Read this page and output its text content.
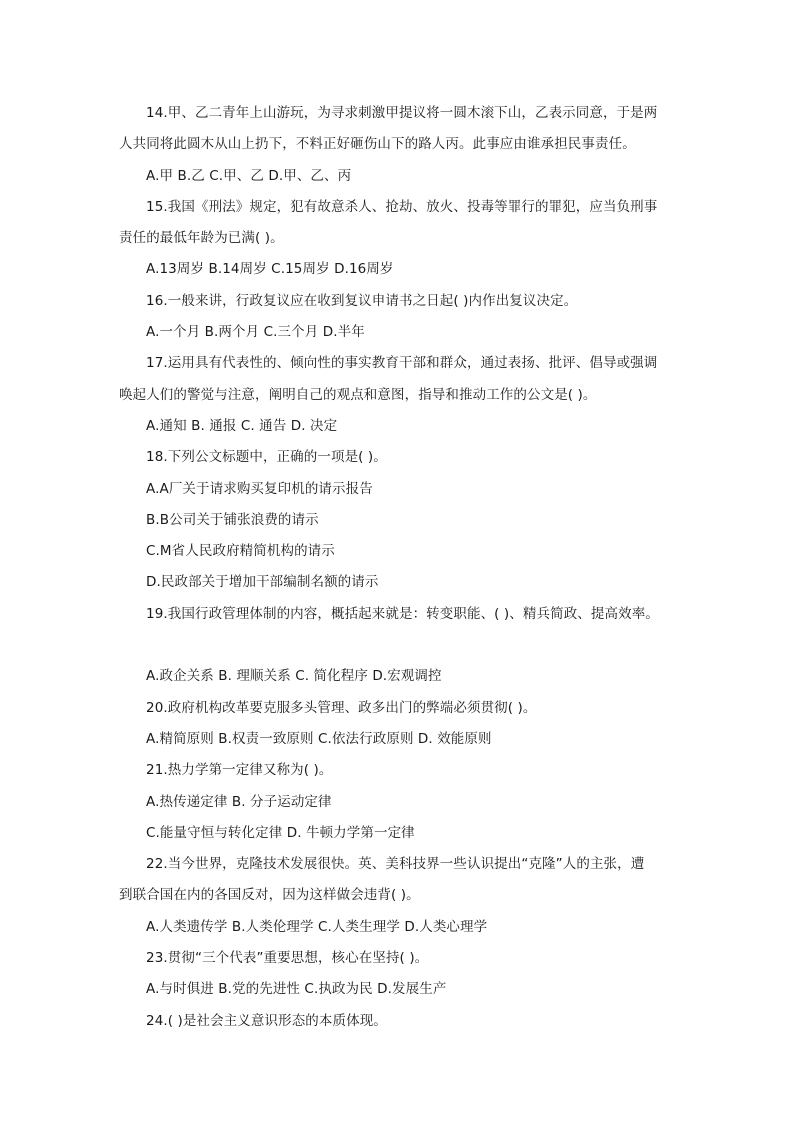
14.甲、乙二青年上山游玩，为寻求刺激甲提议将一圆木滚下山，乙表示同意，于是两
人共同将此圆木从山上扔下，不料正好砸伤山下的路人丙。此事应由谁承担民事责任。
A.甲 B.乙 C.甲、乙 D.甲、乙、丙
15.我国《刑法》规定，犯有故意杀人、抢劫、放火、投毒等罪行的罪犯，应当负刑事
责任的最低年龄为已满( )。
A.13周岁 B.14周岁 C.15周岁 D.16周岁
16.一般来讲，行政复议应在收到复议申请书之日起( )内作出复议决定。
A.一个月 B.两个月 C.三个月 D.半年
17.运用具有代表性的、倾向性的事实教育干部和群众，通过表扬、批评、倡导或强调
唤起人们的警觉与注意，阐明自己的观点和意图，指导和推动工作的公文是( )。
A.通知 B. 通报 C. 通告 D. 决定
18.下列公文标题中，正确的一项是( )。
A.A厂关于请求购买复印机的请示报告
B.B公司关于铺张浪费的请示
C.M省人民政府精简机构的请示
D.民政部关于增加干部编制名额的请示
19.我国行政管理体制的内容，概括起来就是：转变职能、( )、精兵简政、提高效率。
A.政企关系 B. 理顺关系 C. 简化程序 D.宏观调控
20.政府机构改革要克服多头管理、政多出门的弊端必须贯彻( )。
A.精简原则 B.权责一致原则 C.依法行政原则 D. 效能原则
21.热力学第一定律又称为( )。
A.热传递定律 B. 分子运动定律
C.能量守恒与转化定律 D. 牛顿力学第一定律
22.当今世界，克隆技术发展很快。英、美科技界一些认识提出“克隆”人的主张，遭
到联合国在内的各国反对，因为这样做会违背( )。
A.人类遗传学 B.人类伦理学 C.人类生理学 D.人类心理学
23.贯彻“三个代表”重要思想，核心在坚持( )。
A.与时俱进 B.党的先进性 C.执政为民 D.发展生产
24.( )是社会主义意识形态的本质体现。
